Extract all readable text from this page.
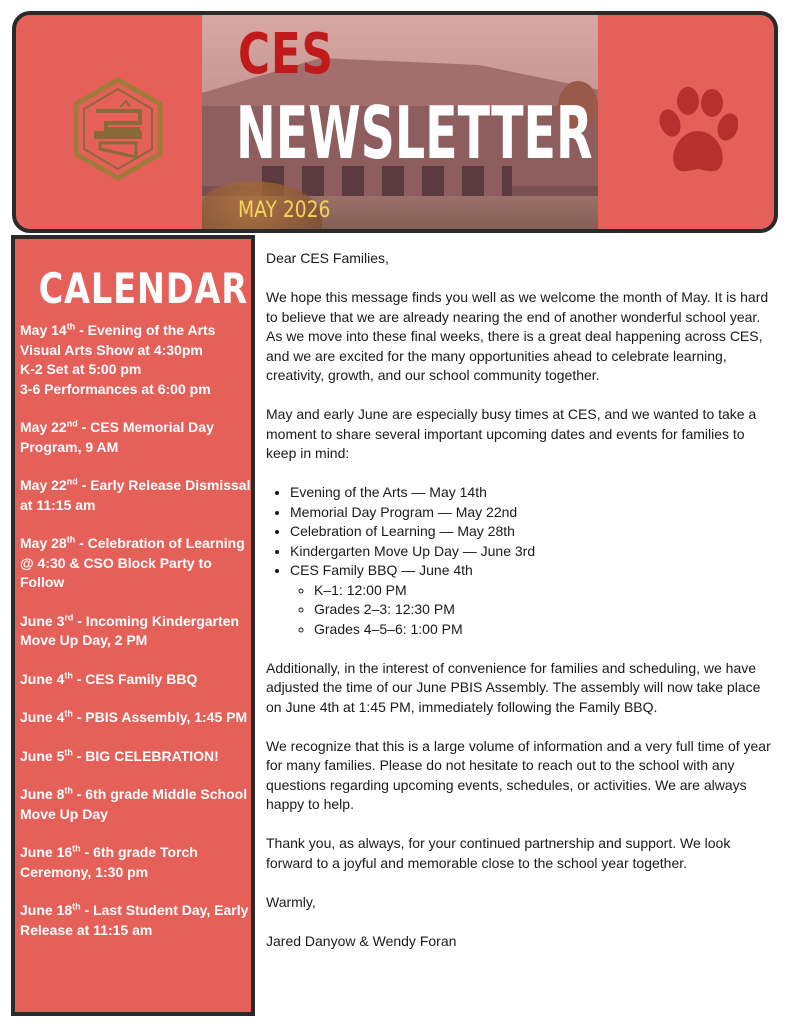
CES
NEWSLETTER
MAY 2026
CALENDAR
May 14th - Evening of the Arts Visual Arts Show at 4:30pm
K-2 Set at 5:00 pm
3-6 Performances at 6:00 pm
May 22nd - CES Memorial Day Program, 9 AM
May 22nd - Early Release Dismissal at 11:15 am
May 28th - Celebration of Learning @ 4:30 & CSO Block Party to Follow
June 3rd - Incoming Kindergarten Move Up Day, 2 PM
June 4th - CES Family BBQ
June 4th - PBIS Assembly, 1:45 PM
June 5th - BIG CELEBRATION!
June 8th - 6th grade Middle School Move Up Day
June 16th - 6th grade Torch Ceremony, 1:30 pm
June 18th - Last Student Day, Early Release at 11:15 am

Dear CES Families,

We hope this message finds you well as we welcome the month of May. It is hard to believe that we are already nearing the end of another wonderful school year. As we move into these final weeks, there is a great deal happening across CES, and we are excited for the many opportunities ahead to celebrate learning, creativity, growth, and our school community together.

May and early June are especially busy times at CES, and we wanted to take a moment to share several important upcoming dates and events for families to keep in mind:

• Evening of the Arts — May 14th
• Memorial Day Program — May 22nd
• Celebration of Learning — May 28th
• Kindergarten Move Up Day — June 3rd
• CES Family BBQ — June 4th
◦ K–1: 12:00 PM
◦ Grades 2–3: 12:30 PM
◦ Grades 4–5–6: 1:00 PM

Additionally, in the interest of convenience for families and scheduling, we have adjusted the time of our June PBIS Assembly. The assembly will now take place on June 4th at 1:45 PM, immediately following the Family BBQ.

We recognize that this is a large volume of information and a very full time of year for many families. Please do not hesitate to reach out to the school with any questions regarding upcoming events, schedules, or activities. We are always happy to help.

Thank you, as always, for your continued partnership and support. We look forward to a joyful and memorable close to the school year together.

Warmly,

Jared Danyow & Wendy Foran
